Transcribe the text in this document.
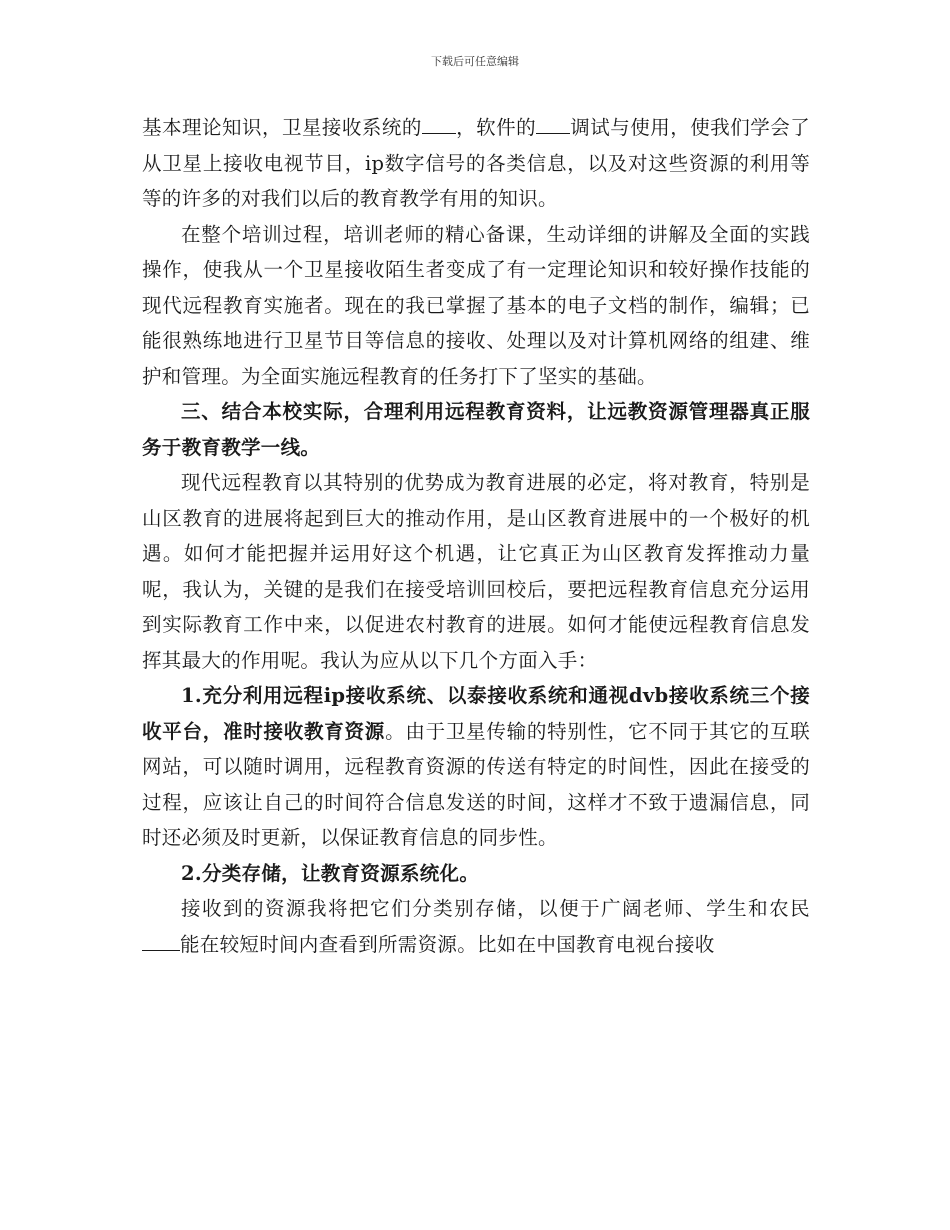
下载后可任意编辑

基本理论知识，卫星接收系统的 ，软件的 调试与使用，使我们学会了从卫星上接收电视节目，ip数字信号的各类信息，以及对这些资源的利用等等的许多的对我们以后的教育教学有用的知识。

在整个培训过程，培训老师的精心备课，生动详细的讲解及全面的实践操作，使我从一个卫星接收陌生者变成了有一定理论知识和较好操作技能的现代远程教育实施者。现在的我已掌握了基本的电子文档的制作，编辑；已能很熟练地进行卫星节目等信息的接收、处理以及对计算机网络的组建、维护和管理。为全面实施远程教育的任务打下了坚实的基础。

三、结合本校实际，合理利用远程教育资料，让远教资源管理器真正服务于教育教学一线。

现代远程教育以其特别的优势成为教育进展的必定，将对教育，特别是山区教育的进展将起到巨大的推动作用，是山区教育进展中的一个极好的机遇。如何才能把握并运用好这个机遇，让它真正为山区教育发挥推动力量呢，我认为，关键的是我们在接受培训回校后，要把远程教育信息充分运用到实际教育工作中来，以促进农村教育的进展。如何才能使远程教育信息发挥其最大的作用呢。我认为应从以下几个方面入手：

1.充分利用远程ip接收系统、以泰接收系统和通视dvb接收系统三个接收平台，准时接收教育资源。由于卫星传输的特别性，它不同于其它的互联网站，可以随时调用，远程教育资源的传送有特定的时间性，因此在接受的过程，应该让自己的时间符合信息发送的时间，这样才不致于遗漏信息，同时还必须及时更新，以保证教育信息的同步性。

2.分类存储，让教育资源系统化。

接收到的资源我将把它们分类别存储，以便于广阔老师、学生和农民能在较短时间内查看到所需资源。比如在中国教育电视台接收
